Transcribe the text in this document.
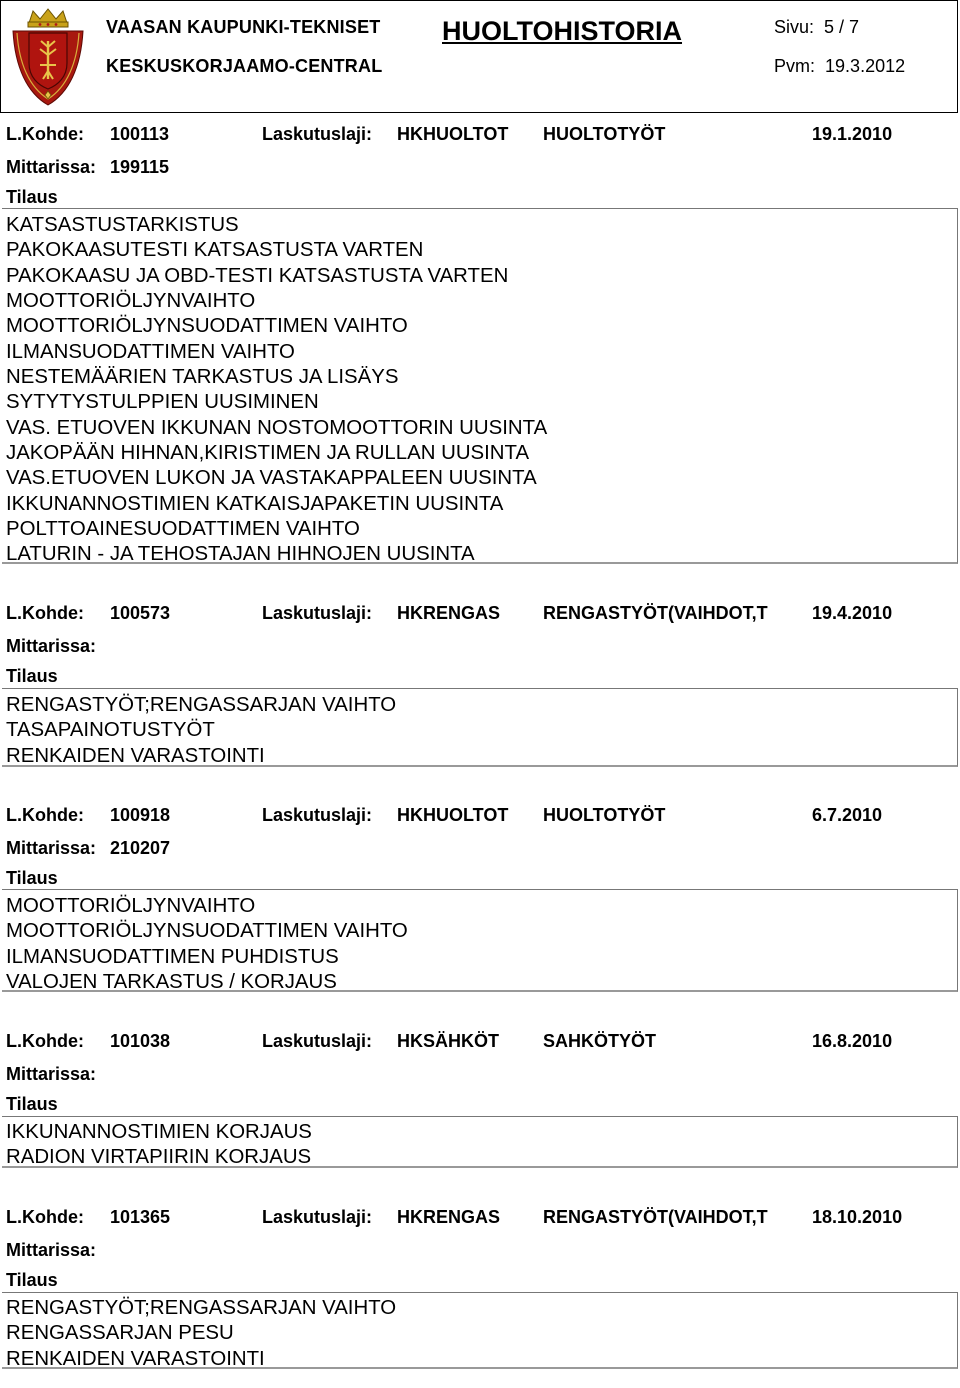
VAASAN KAUPUNKI-TEKNISET
KESKUSKORJAAMO-CENTRAL
HUOLTOHISTORIA	Sivu: 5 / 7
Pvm: 19.3.2012
L.Kohde: 100113	Laskutuslaji: HKHUOLTOT HUOLTOTYÖT	19.1.2010
Mittarissa: 199115
Tilaus
KATSASTUSTARKISTUS
PAKOKAASUTESTI KATSASTUSTA VARTEN
PAKOKAASU JA OBD-TESTI KATSASTUSTA VARTEN
MOOTTORIÖLJYNVAIHTO
MOOTTORIÖLJYNSUODATTIMEN VAIHTO
ILMANSUODATTIMEN VAIHTO
NESTEMÄÄRIEN TARKASTUS JA LISÄYS
SYTYTYSTULPPIEN UUSIMINEN
VAS. ETUOVEN IKKUNAN NOSTOMOOTTORIN UUSINTA
JAKOPÄÄN HIHNAN,KIRISTIMEN JA RULLAN UUSINTA
VAS.ETUOVEN LUKON JA VASTAKAPPALEEN UUSINTA
IKKUNANNOSTIMIEN KATKAISJAPAKETIN UUSINTA
POLTTOAINESUODATTIMEN VAIHTO
LATURIN - JA TEHOSTAJAN HIHNOJEN UUSINTA
L.Kohde: 100573	Laskutuslaji: HKRENGAS RENGASTYÖT(VAIHDOT,T 19.4.2010
Mittarissa:
Tilaus
RENGASTYÖT;RENGASSARJAN VAIHTO
TASAPAINOTUSTYÖT
RENKAIDEN VARASTOINTI
L.Kohde: 100918	Laskutuslaji: HKHUOLTOT HUOLTOTYÖT	6.7.2010
Mittarissa: 210207
Tilaus
MOOTTORIÖLJYNVAIHTO
MOOTTORIÖLJYNSUODATTIMEN VAIHTO
ILMANSUODATTIMEN PUHDISTUS
VALOJEN TARKASTUS / KORJAUS
L.Kohde: 101038	Laskutuslaji: HKSÄHKÖT SAHKÖTYÖT	16.8.2010
Mittarissa:
Tilaus
IKKUNANNOSTIMIEN KORJAUS
RADION VIRTAPIIRIN KORJAUS
L.Kohde: 101365	Laskutuslaji: HKRENGAS RENGASTYÖT(VAIHDOT,T 18.10.2010
Mittarissa:
Tilaus
RENGASTYÖT;RENGASSARJAN VAIHTO
RENGASSARJAN PESU
RENKAIDEN VARASTOINTI
